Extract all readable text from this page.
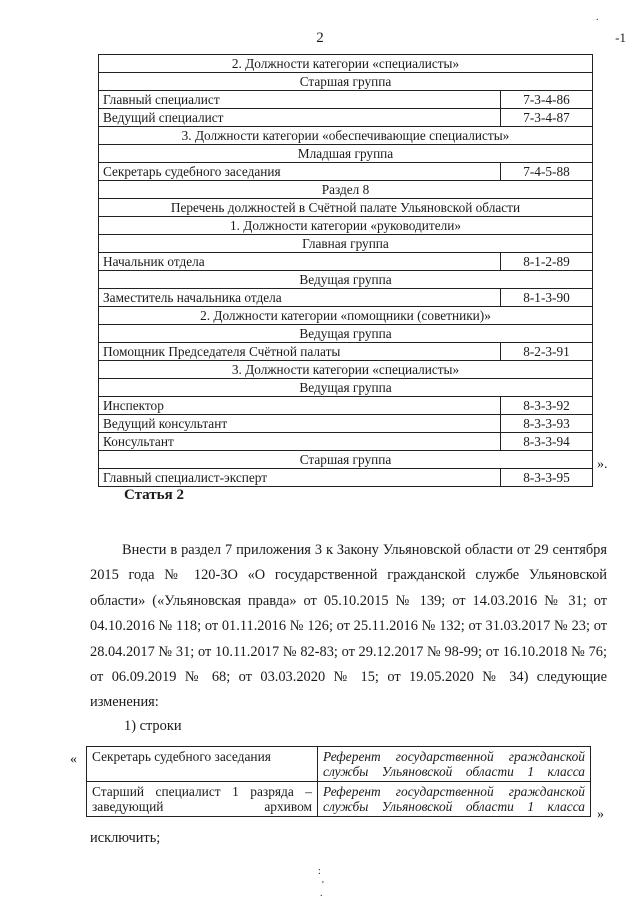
2	-1
.
:
'
.
2. Должности категории «специалисты»	
Старшая группа	
Главный специалист	7-3-4-86
Ведущий специалист	7-3-4-87
3. Должности категории «обеспечивающие специалисты»	
Младшая группа	
Секретарь судебного заседания	7-4-5-88
Раздел 8	
Перечень должностей в Счётной палате Ульяновской области	
1. Должности категории «руководители»	
Главная группа	
Начальник отдела	8-1-2-89
Ведущая группа	
Заместитель начальника отдела	8-1-3-90
2. Должности категории «помощники (советники)»	
Ведущая группа	
Помощник Председателя Счётной палаты	8-2-3-91
3. Должности категории «специалисты»	
Ведущая группа	
Инспектор	8-3-3-92
Ведущий консультант	8-3-3-93
Консультант	8-3-3-94
Старшая группа	
Главный специалист-эксперт	8-3-3-95
».
Статья 2
Внести в раздел 7 приложения 3 к Закону Ульяновской области от 29 сентября 2015 года № 120-ЗО «О государственной гражданской службе Ульяновской области» («Ульяновская правда» от 05.10.2015 № 139; от 14.03.2016 № 31; от 04.10.2016 № 118; от 01.11.2016 № 126; от 25.11.2016 № 132; от 31.03.2017 № 23; от 28.04.2017 № 31; от 10.11.2017 № 82-83; от 29.12.2017 № 98-99; от 16.10.2018 № 76; от 06.09.2019 № 68; от 03.03.2020 № 15; от 19.05.2020 № 34) следующие изменения:
1) строки
« Секретарь судебного заседания	Референт государственной гражданской службы Ульяновской области 1 класса
Старший специалист 1 разряда – заведующий архивом	Референт государственной гражданской службы Ульяновской области 1 класса
»
исключить;
